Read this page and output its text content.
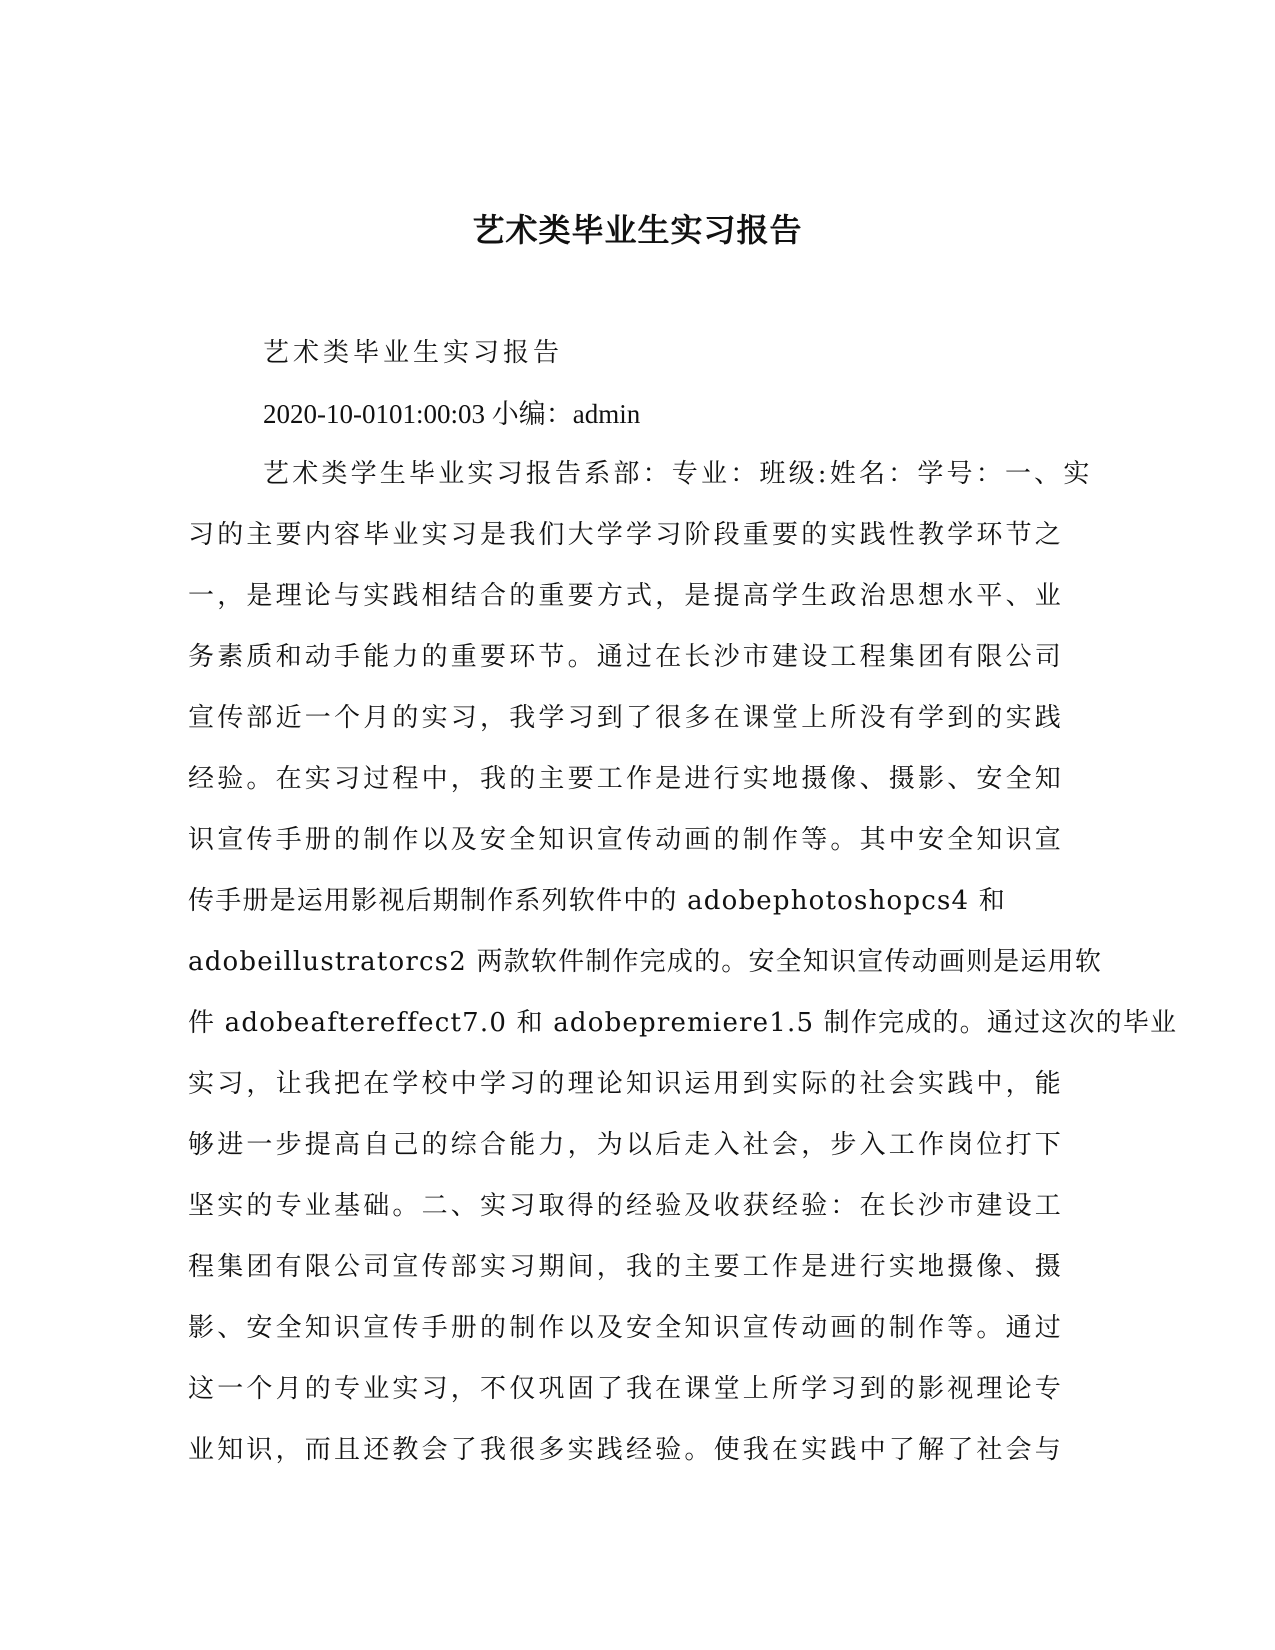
艺术类毕业生实习报告
艺术类毕业生实习报告
2020-10-0101:00:03 小编：admin
艺术类学生毕业实习报告系部：专业：班级:姓名：学号：一、实
习的主要内容毕业实习是我们大学学习阶段重要的实践性教学环节之
一，是理论与实践相结合的重要方式，是提高学生政治思想水平、业
务素质和动手能力的重要环节。通过在长沙市建设工程集团有限公司
宣传部近一个月的实习，我学习到了很多在课堂上所没有学到的实践
经验。在实习过程中，我的主要工作是进行实地摄像、摄影、安全知
识宣传手册的制作以及安全知识宣传动画的制作等。其中安全知识宣
传手册是运用影视后期制作系列软件中的 adobephotoshopcs4 和
adobeillustratorcs2 两款软件制作完成的。安全知识宣传动画则是运用软
件 adobeaftereffect7.0 和 adobepremiere1.5 制作完成的。通过这次的毕业
实习，让我把在学校中学习的理论知识运用到实际的社会实践中，能
够进一步提高自己的综合能力，为以后走入社会，步入工作岗位打下
坚实的专业基础。二、实习取得的经验及收获经验：在长沙市建设工
程集团有限公司宣传部实习期间，我的主要工作是进行实地摄像、摄
影、安全知识宣传手册的制作以及安全知识宣传动画的制作等。通过
这一个月的专业实习，不仅巩固了我在课堂上所学习到的影视理论专
业知识，而且还教会了我很多实践经验。使我在实践中了解了社会与
